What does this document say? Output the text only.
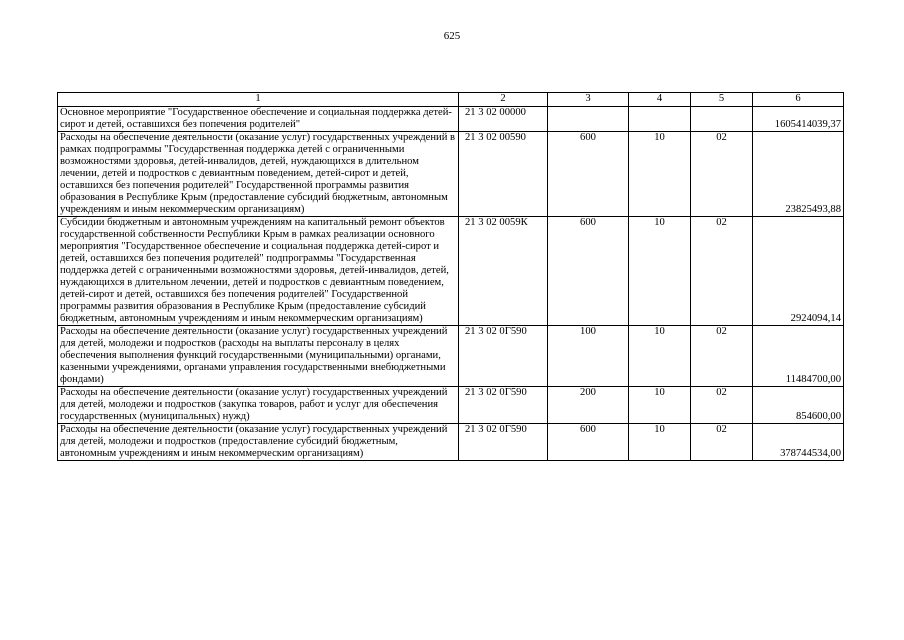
625
1	2	3	4	5	6
Основное мероприятие "Государственное обеспечение и социальная поддержка детей-сирот и детей, оставшихся без попечения родителей"	21 3 02 00000				1605414039,37
Расходы на обеспечение деятельности (оказание услуг) государственных учреждений в рамках подпрограммы "Государственная поддержка детей с ограниченными возможностями здоровья, детей-инвалидов, детей, нуждающихся в длительном лечении, детей и подростков с девиантным поведением, детей-сирот и детей, оставшихся без попечения родителей" Государственной программы развития образования в Республике Крым (предоставление субсидий бюджетным, автономным учреждениям и иным некоммерческим организациям)	21 3 02 00590	600	10	02	23825493,88
Субсидии бюджетным и автономным учреждениям на капитальный ремонт объектов государственной собственности Республики Крым в рамках реализации основного мероприятия "Государственное обеспечение и социальная поддержка детей-сирот и детей, оставшихся без попечения родителей" подпрограммы "Государственная поддержка детей с ограниченными возможностями здоровья, детей-инвалидов, детей, нуждающихся в длительном лечении, детей и подростков с девиантным поведением, детей-сирот и детей, оставшихся без попечения родителей" Государственной программы развития образования в Республике Крым (предоставление субсидий бюджетным, автономным учреждениям и иным некоммерческим организациям)	21 3 02 0059К	600	10	02	2924094,14
Расходы на обеспечение деятельности (оказание услуг) государственных учреждений для детей, молодежи и подростков (расходы на выплаты персоналу в целях обеспечения выполнения функций государственными (муниципальными) органами, казенными учреждениями, органами управления государственными внебюджетными фондами)	21 3 02 0Г590	100	10	02	11484700,00
Расходы на обеспечение деятельности (оказание услуг) государственных учреждений для детей, молодежи и подростков (закупка товаров, работ и услуг для обеспечения государственных (муниципальных) нужд)	21 3 02 0Г590	200	10	02	854600,00
Расходы на обеспечение деятельности (оказание услуг) государственных учреждений для детей, молодежи и подростков (предоставление субсидий бюджетным, автономным учреждениям и иным некоммерческим организациям)	21 3 02 0Г590	600	10	02	378744534,00
